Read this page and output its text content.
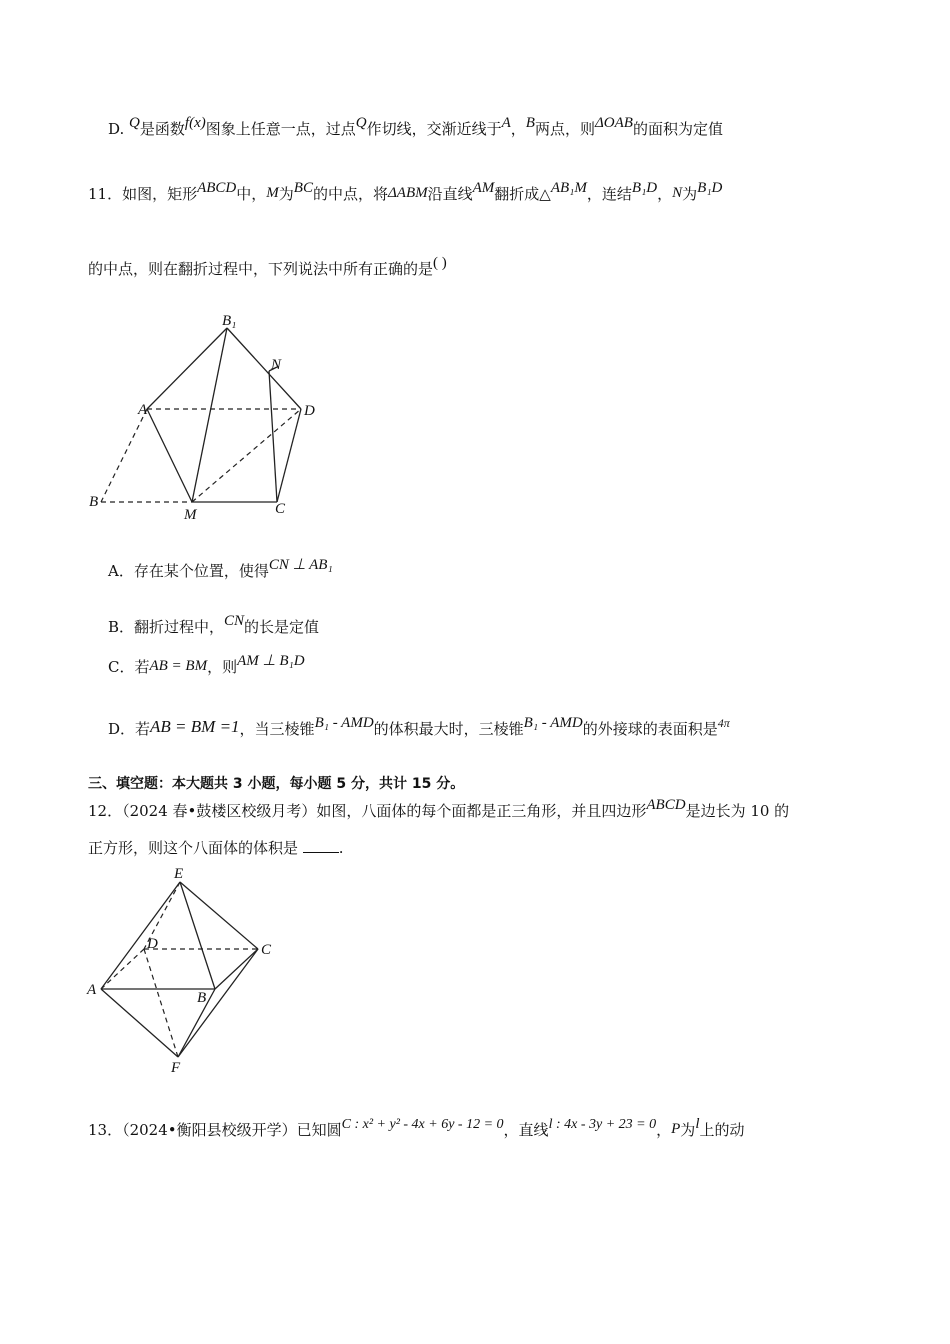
D. Q是函数f(x)图象上任意一点，过点Q作切线，交渐近线于A，B两点，则ΔOAB的面积为定值
11．如图，矩形ABCD中，M为BC的中点，将ΔABM沿直线AM翻折成△AB₁M，连结B₁D，N为B₁D
的中点，则在翻折过程中，下列说法中所有正确的是( )
B₁
N
A	D
B
M	C
A．存在某个位置，使得CN ⊥ AB₁
B．翻折过程中，CN的长是定值
C．若AB = BM，则AM ⊥ B₁D
D．若AB = BM =1，当三棱锥B₁ - AMD的体积最大时，三棱锥B₁ - AMD的外接球的表面积是$^{4\pi}$
三、填空题：本大题共 3 小题，每小题 5 分，共计 15 分。
12．（2024 春•鼓楼区校级月考）如图，八面体的每个面都是正三角形，并且四边形ABCD是边长为 10 的
正方形，则这个八面体的体积是	.
E
D	C
A	B
F
13．（2024•衡阳县校级开学）已知圆C : x² + y² - 4x + 6y - 12 = 0，直线l : 4x - 3y + 23 = 0，P为l上的动
